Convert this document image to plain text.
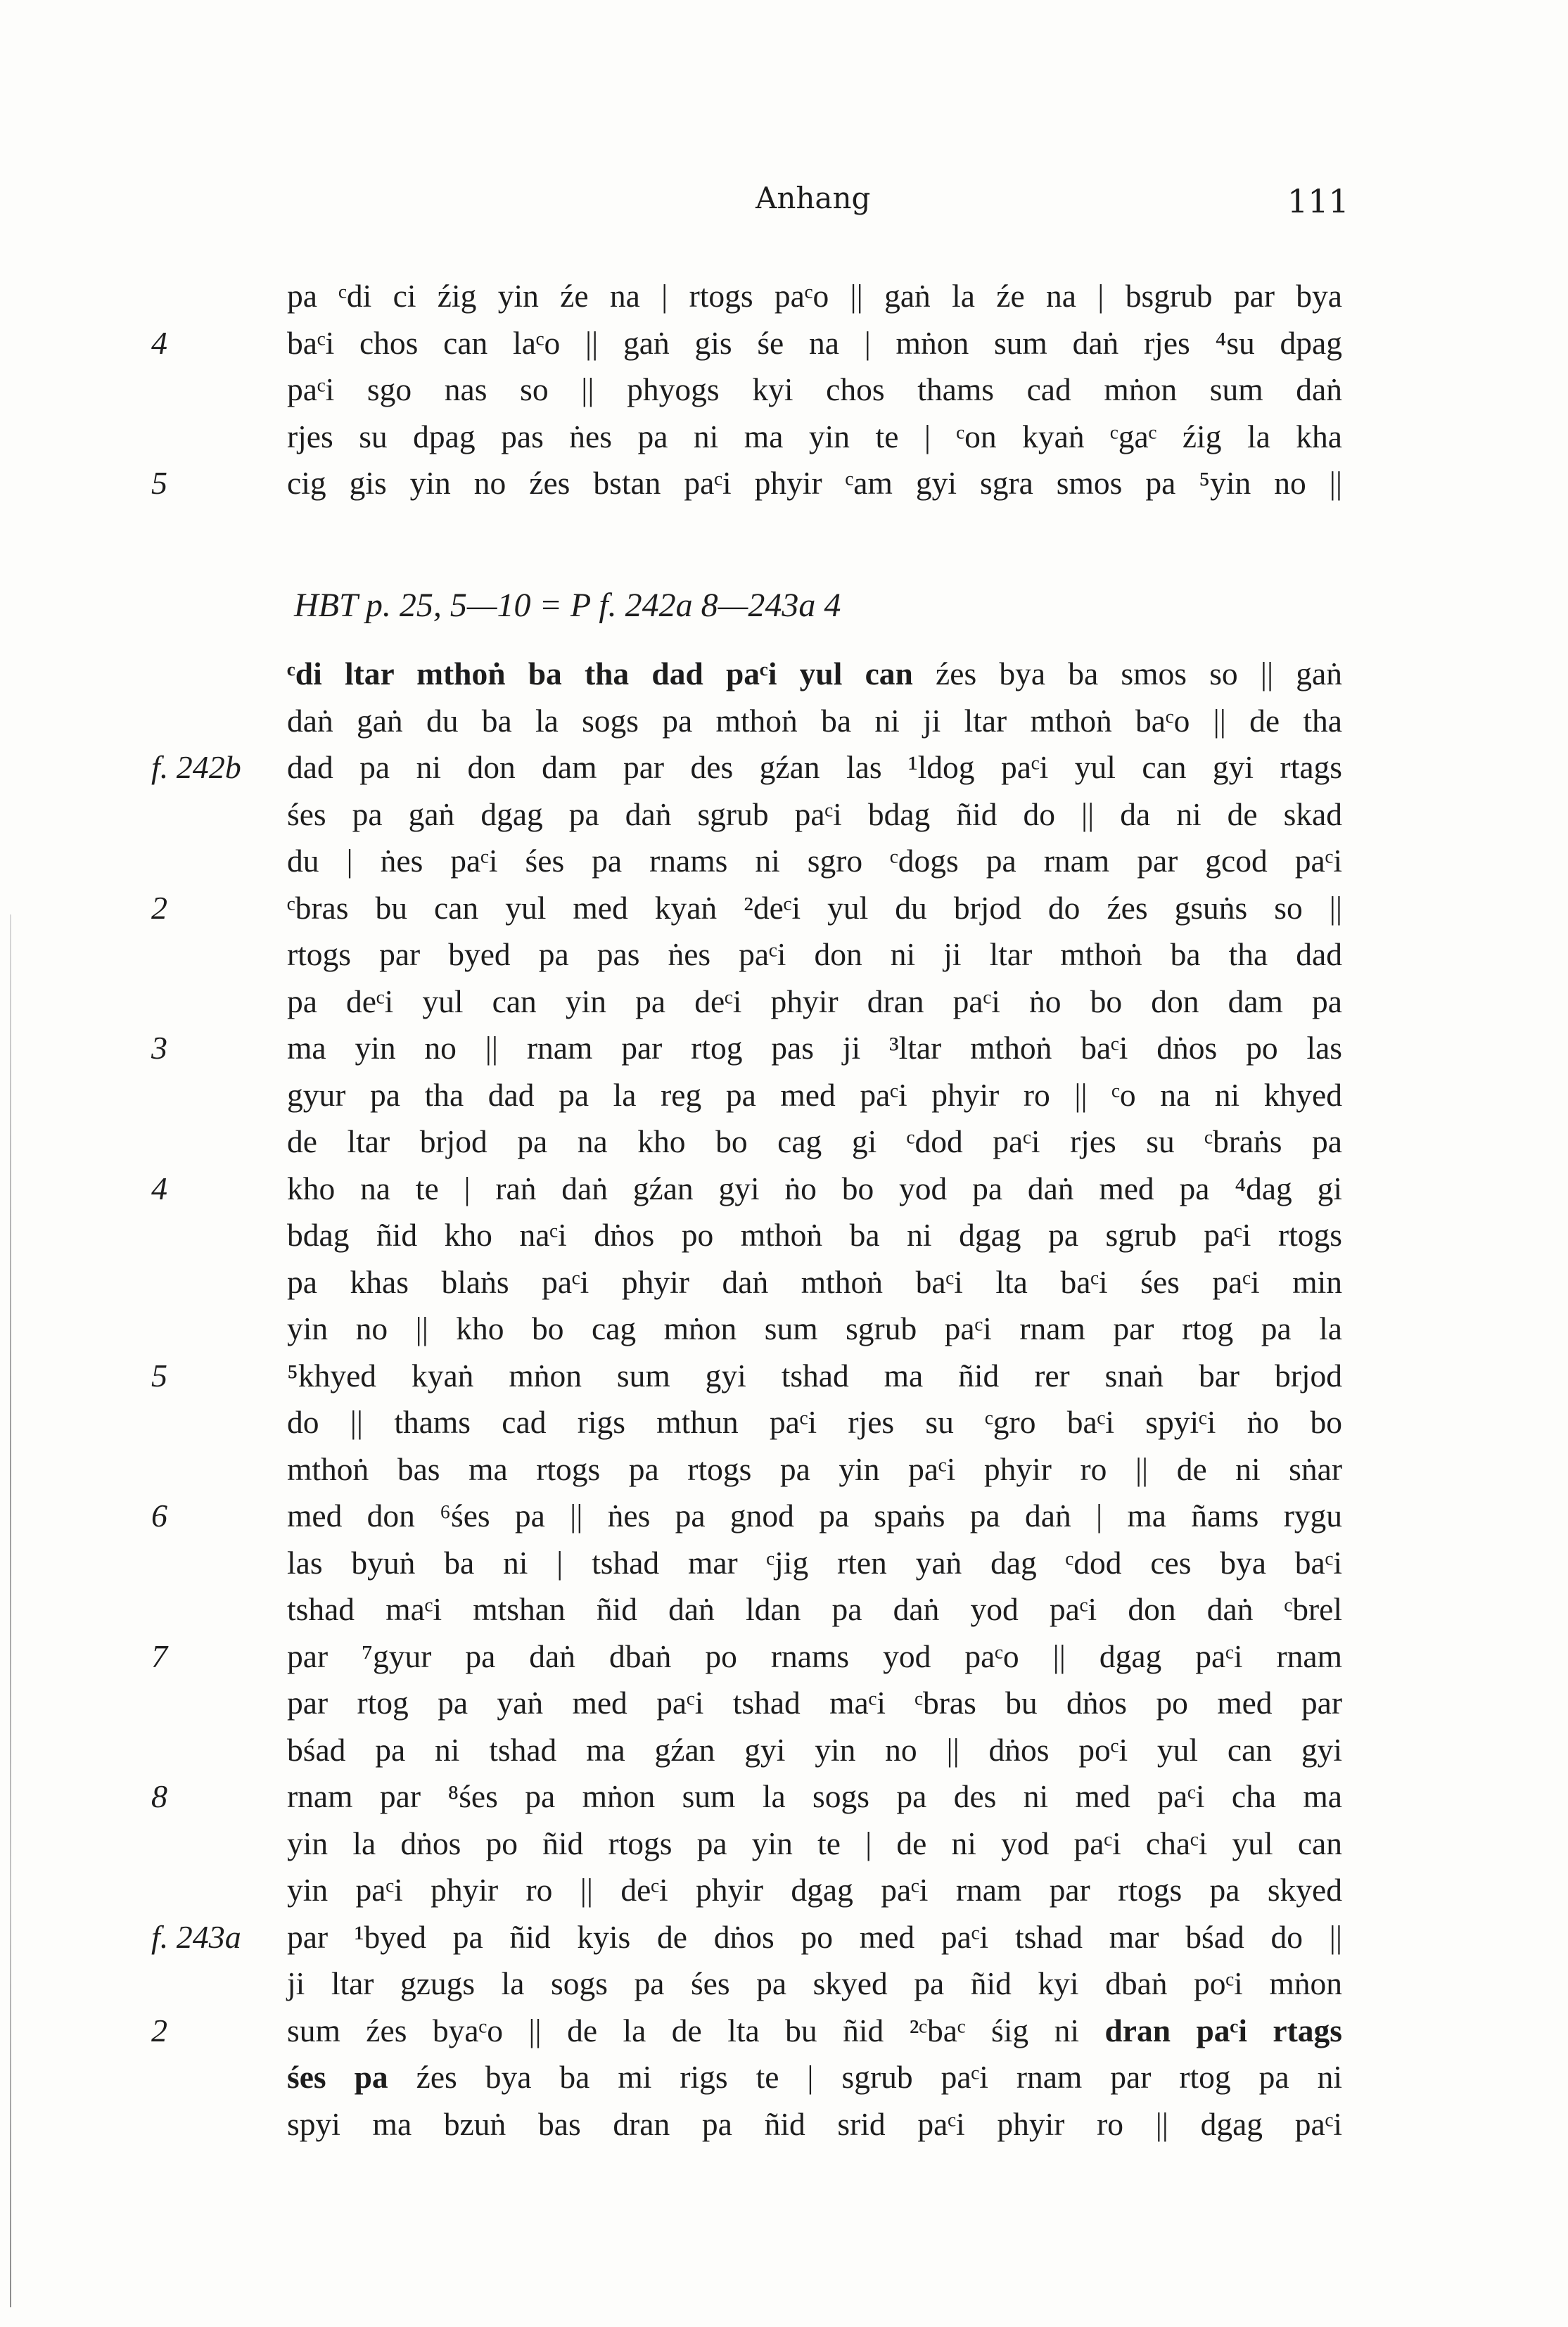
Anhang	111
pa ᶜdi ci źig yin źe na | rtogs paᶜo || gaṅ la źe na | bsgrub par bya
4	baᶜi chos can laᶜo || gaṅ gis śe na | mṅon sum daṅ rjes ⁴su dpag
paᶜi sgo nas so || phyogs kyi chos thams cad mṅon sum daṅ
rjes su dpag pas ṅes pa ni ma yin te | ᶜon kyaṅ ᶜgaᶜ źig la kha
5	cig gis yin no źes bstan paᶜi phyir ᶜam gyi sgra smos pa ⁵yin no ||
HBT p. 25, 5—10 = P f. 242a 8—243a 4
ᶜdi ltar mthoṅ ba tha dad paᶜi yul can źes bya ba smos so || gaṅ
daṅ gaṅ du ba la sogs pa mthoṅ ba ni ji ltar mthoṅ baᶜo || de tha
f. 242b dad pa ni don dam par des gźan las ¹ldog paᶜi yul can gyi rtags
śes pa gaṅ dgag pa daṅ sgrub paᶜi bdag ñid do || da ni de skad
du | ṅes paᶜi śes pa rnams ni sgro ᶜdogs pa rnam par gcod paᶜi
2	ᶜbras bu can yul med kyaṅ ²deᶜi yul du brjod do źes gsuṅs so ||
rtogs par byed pa pas ṅes paᶜi don ni ji ltar mthoṅ ba tha dad
pa deᶜi yul can yin pa deᶜi phyir dran paᶜi ṅo bo don dam pa
3	ma yin no || rnam par rtog pas ji ³ltar mthoṅ baᶜi dṅos po las
gyur pa tha dad pa la reg pa med paᶜi phyir ro || ᶜo na ni khyed
de ltar brjod pa na kho bo cag gi ᶜdod paᶜi rjes su ᶜbraṅs pa
4	kho na te | raṅ daṅ gźan gyi ṅo bo yod pa daṅ med pa ⁴dag gi
bdag ñid kho naᶜi dṅos po mthoṅ ba ni dgag pa sgrub paᶜi rtogs
pa khas blaṅs paᶜi phyir daṅ mthoṅ baᶜi lta baᶜi śes paᶜi min
yin no || kho bo cag mṅon sum sgrub paᶜi rnam par rtog pa la
5	⁵khyed kyaṅ mṅon sum gyi tshad ma ñid rer snaṅ bar brjod
do || thams cad rigs mthun paᶜi rjes su ᶜgro baᶜi spyiᶜi ṅo bo
mthoṅ bas ma rtogs pa rtogs pa yin paᶜi phyir ro || de ni sṅar
6	med don ⁶śes pa || ṅes pa gnod pa spaṅs pa daṅ | ma ñams rygu
las byuṅ ba ni | tshad mar ᶜjig rten yaṅ dag ᶜdod ces bya baᶜi
tshad maᶜi mtshan ñid daṅ ldan pa daṅ yod paᶜi don daṅ ᶜbrel
7	par ⁷gyur pa daṅ dbaṅ po rnams yod paᶜo || dgag paᶜi rnam
par rtog pa yaṅ med paᶜi tshad maᶜi ᶜbras bu dṅos po med par
bśad pa ni tshad ma gźan gyi yin no || dṅos poᶜi yul can gyi
8	rnam par ⁸śes pa mṅon sum la sogs pa des ni med paᶜi cha ma
yin la dṅos po ñid rtogs pa yin te | de ni yod paᶜi chaᶜi yul can
yin paᶜi phyir ro || deᶜi phyir dgag paᶜi rnam par rtogs pa skyed
f. 243a par ¹byed pa ñid kyis de dṅos po med paᶜi tshad mar bśad do ||
ji ltar gzugs la sogs pa śes pa skyed pa ñid kyi dbaṅ poᶜi mṅon
2	sum źes byaᶜo || de la de lta bu ñid ²ᶜbaᶜ śig ni dran paᶜi rtags
śes pa źes bya ba mi rigs te | sgrub paᶜi rnam par rtog pa ni
spyi ma bzuṅ bas dran pa ñid srid paᶜi phyir ro || dgag paᶜi
